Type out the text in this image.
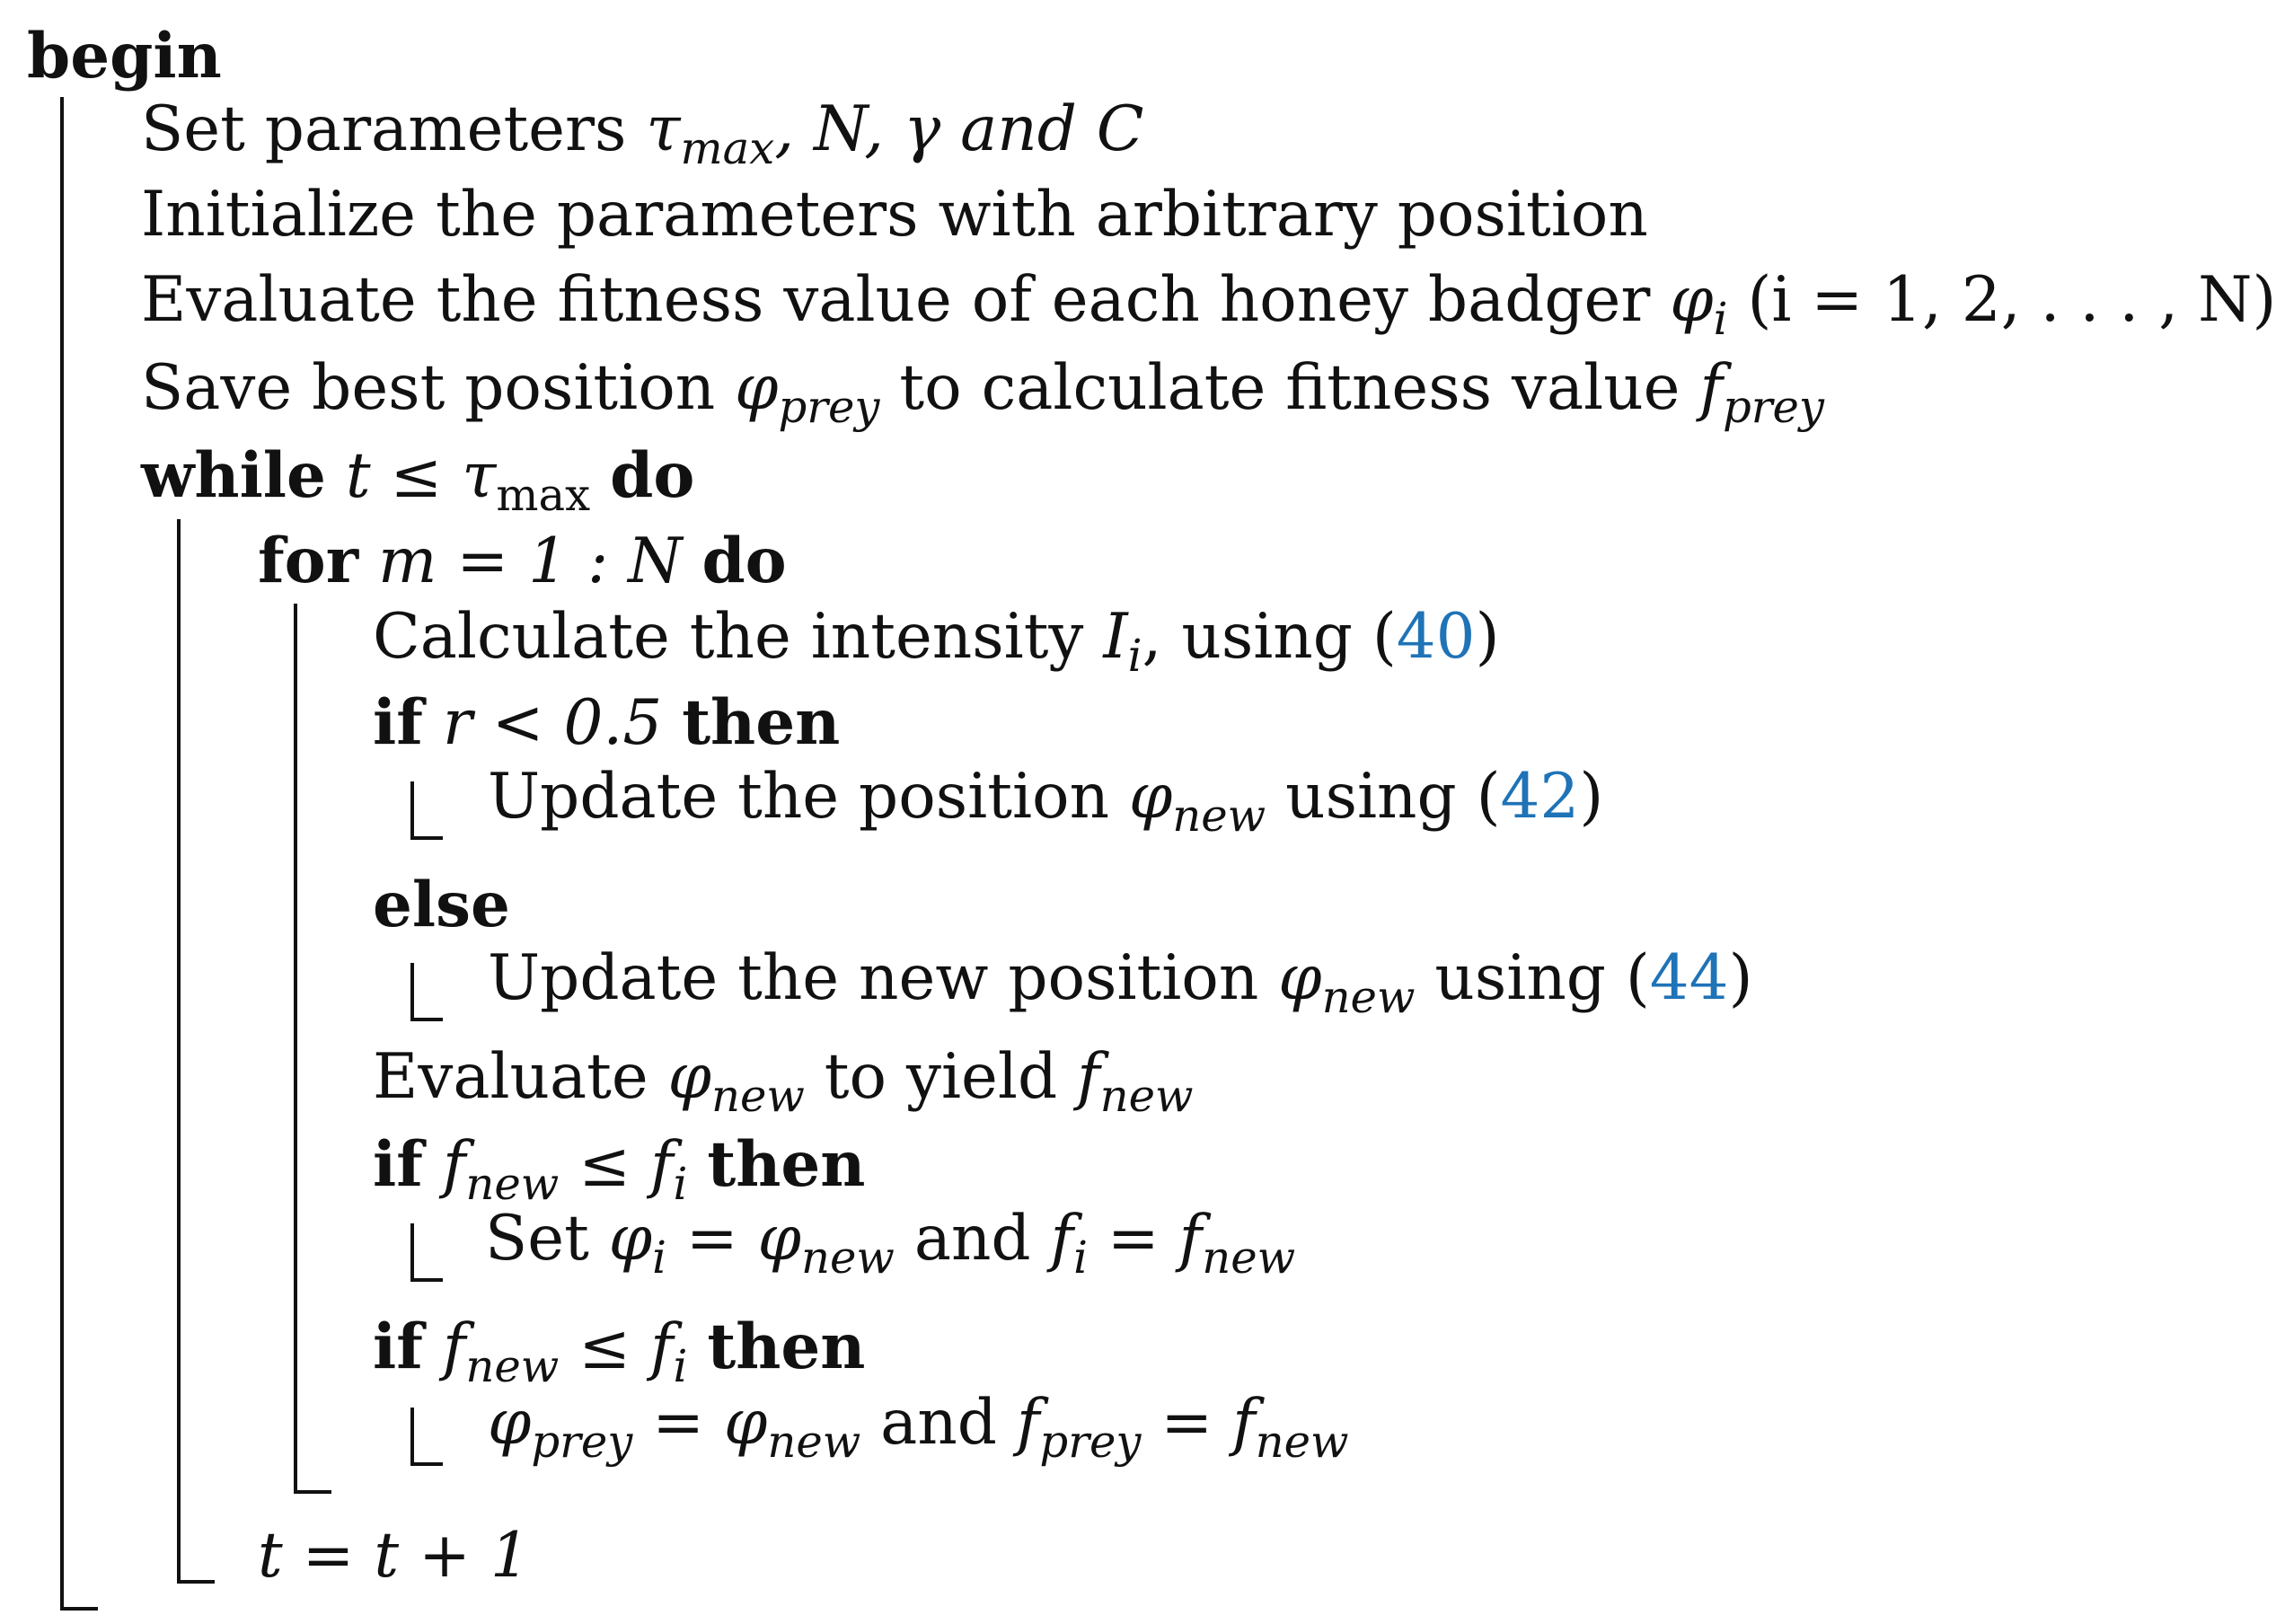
begin
Set parameters $\tau_{max}$, N, γ and C
Initialize the parameters with arbitrary position
Evaluate the fitness value of each honey badger $\varphi_i$ (i = 1, 2, . . . , N)
Save best position $\varphi_{prey}$ to calculate fitness value $f_{prey}$
while $t \le \tau_{max}$ do
for m = 1 : N do
Calculate the intensity $I_i$, using (40)
if r < 0.5 then
Update the position $\varphi_{new}$ using (42)
else
Update the new position $\varphi_{new}$ using (44)
Evaluate $\varphi_{new}$ to yield $f_{new}$
if $f_{new} \le f_i$ then
Set $\varphi_i = \varphi_{new}$ and $f_i = f_{new}$
if $f_{new} \le f_i$ then
$\varphi_{prey} = \varphi_{new}$ and $f_{prey} = f_{new}$
t = t + 1
